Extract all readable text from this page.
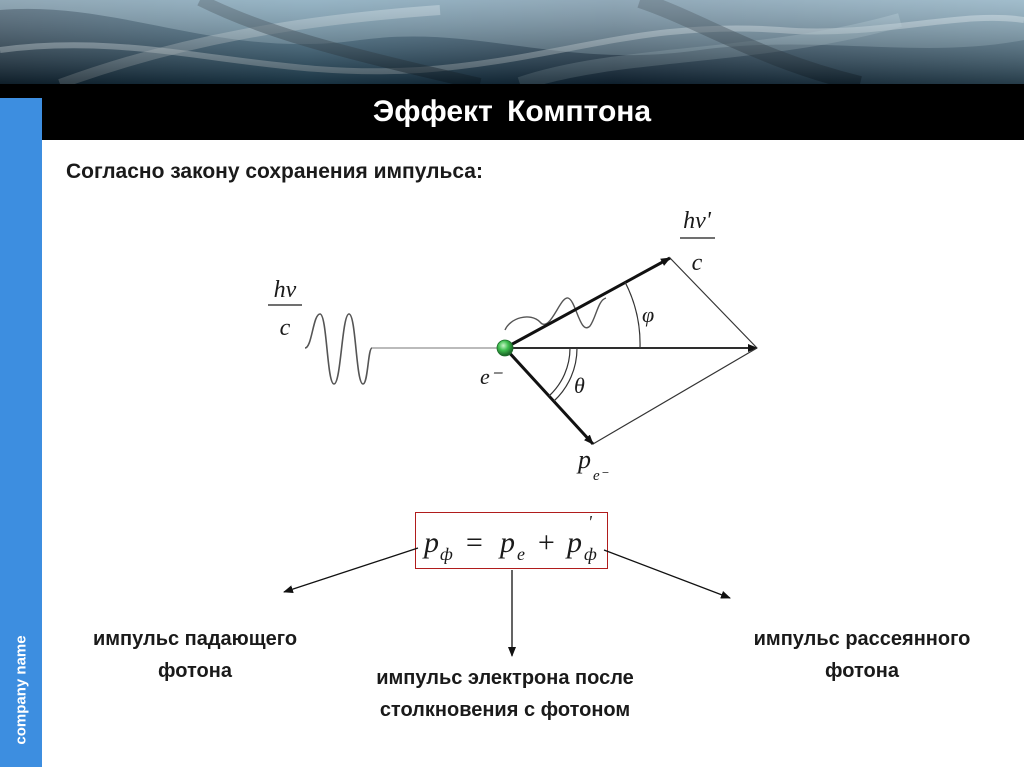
Эффект Комптона
company name
Согласно закону сохранения импульса:
hν
c
φ
θ
e⁻
hν'
c
p
e⁻
p ф = p e + p
'
ф
импульс падающего
фотона	импульс электрона после
столкновения с фотоном
импульс рассеянного
фотона
